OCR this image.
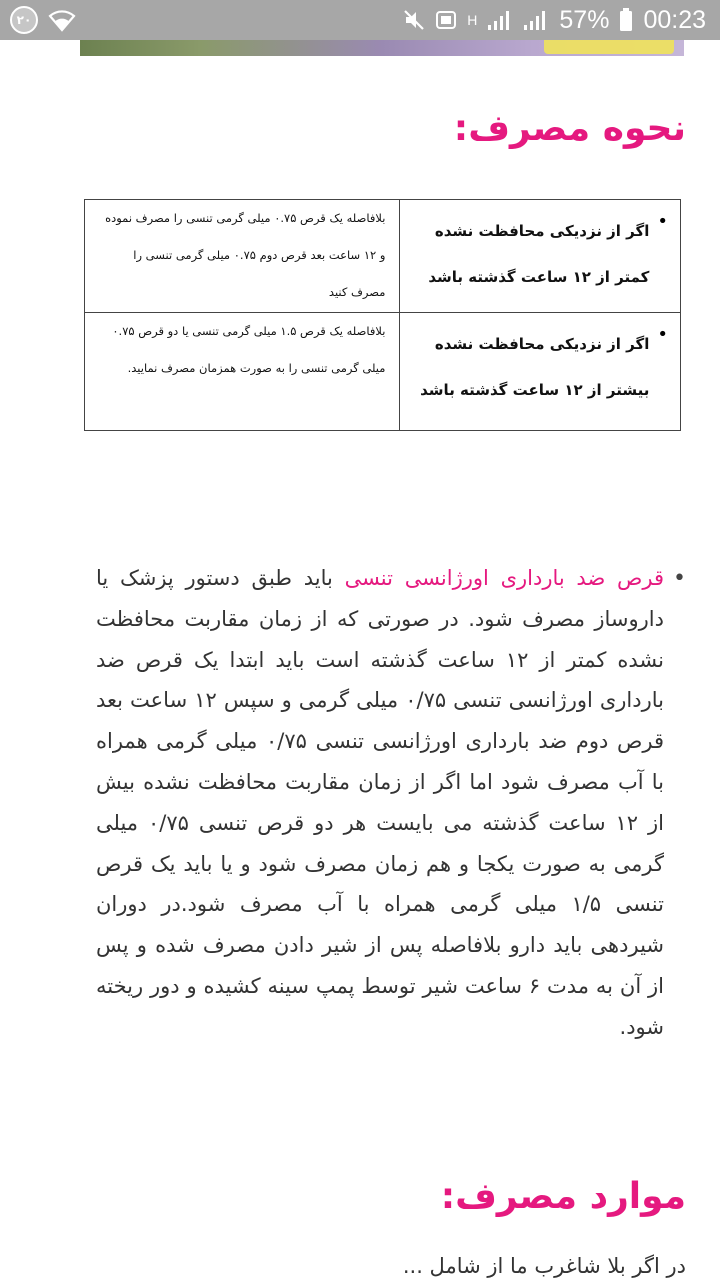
۲۰	H	57% 00:23
نحوه مصرف:
•
اگر از نزدیکی محافظت نشده کمتر از ۱۲ ساعت گذشته باشد	بلافاصله یک قرص ۰.۷۵ میلی گرمی تنسی را مصرف نموده و ۱۲ ساعت بعد قرص دوم ۰.۷۵ میلی گرمی تنسی را مصرف کنید

•
اگر از نزدیکی محافظت نشده بیشتر از ۱۲ ساعت گذشته باشد	بلافاصله یک قرص ۱.۵ میلی گرمی تنسی یا دو قرص ۰.۷۵ میلی گرمی تنسی را به صورت همزمان مصرف نمایید.
•
قرص ضد بارداری اورژانسی تنسی باید طبق دستور پزشک یا داروساز مصرف شود. در صورتی که از زمان مقاربت محافظت نشده کمتر از ۱۲ ساعت گذشته است باید ابتدا یک قرص ضد بارداری اورژانسی تنسی ۰/۷۵ میلی گرمی و سپس ۱۲ ساعت بعد قرص دوم ضد بارداری اورژانسی تنسی ۰/۷۵ میلی گرمی همراه با آب مصرف شود اما اگر از زمان مقاربت محافظت نشده بیش از ۱۲ ساعت گذشته می بایست هر دو قرص تنسی ۰/۷۵ میلی گرمی به صورت یکجا و هم زمان مصرف شود و یا باید یک قرص تنسی ۱/۵ میلی گرمی همراه با آب مصرف شود.در دوران شیردهی باید دارو بلافاصله پس از شیر دادن مصرف شده و پس از آن به مدت ۶ ساعت شیر توسط پمپ سینه کشیده و دور ریخته شود.
موارد مصرف:
در اگر بلا شاغرب ما از شامل ...
